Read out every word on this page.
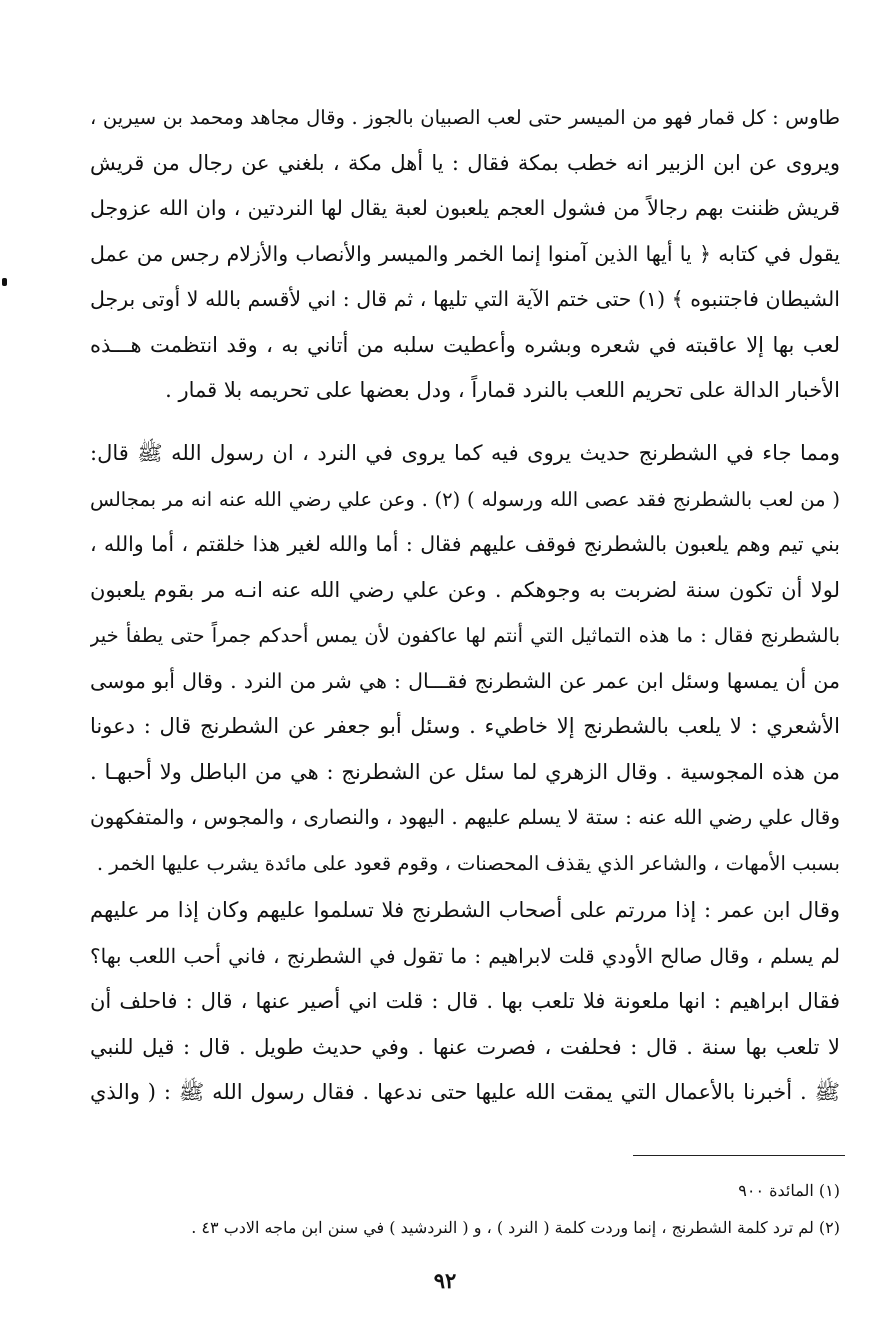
طاوس : كل قمار فهو من الميسر حتى لعب الصبيان بالجوز . وقال مجاهد ومحمد بن سيرين ،
ويروى عن ابن الزبير انه خطب بمكة فقال : يا أهل مكة ، بلغني عن رجال من قريش
قريش ظننت بهم رجالاً من فشول العجم يلعبون لعبة يقال لها النردتين ، وان الله عزوجل
يقول في كتابه ﴿ يا أيها الذين آمنوا إنما الخمر والميسر والأنصاب والأزلام رجس من عمل
الشيطان فاجتنبوه ﴾ (١) حتى ختم الآية التي تليها ، ثم قال : اني لأقسم بالله لا أوتى برجل
لعب بها إلا عاقبته في شعره وبشره وأعطيت سلبه من أتاني به ، وقد انتظمت هـــذه
الأخبار الدالة على تحريم اللعب بالنرد قماراً ، ودل بعضها على تحريمه بلا قمار .
ومما جاء في الشطرنج حديث يروى فيه كما يروى في النرد ، ان رسول الله ﷺ قال:
( من لعب بالشطرنج فقد عصى الله ورسوله ) (٢) . وعن علي رضي الله عنه انه مر بمجالس
بني تيم وهم يلعبون بالشطرنج فوقف عليهم فقال : أما والله لغير هذا خلقتم ، أما والله ،
لولا أن تكون سنة لضربت به وجوهكم . وعن علي رضي الله عنه انـه مر بقوم يلعبون
بالشطرنج فقال : ما هذه التماثيل التي أنتم لها عاكفون لأن يمس أحدكم جمراً حتى يطفأ خير
من أن يمسها وسئل ابن عمر عن الشطرنج فقـــال : هي شر من النرد . وقال أبو موسى
الأشعري : لا يلعب بالشطرنج إلا خاطيء . وسئل أبو جعفر عن الشطرنج قال : دعونا
من هذه المجوسية . وقال الزهري لما سئل عن الشطرنج : هي من الباطل ولا أحبهـا .
وقال علي رضي الله عنه : ستة لا يسلم عليهم . اليهود ، والنصارى ، والمجوس ، والمتفكهون
بسبب الأمهات ، والشاعر الذي يقذف المحصنات ، وقوم قعود على مائدة يشرب عليها الخمر .
وقال ابن عمر : إذا مررتم على أصحاب الشطرنج فلا تسلموا عليهم وكان إذا مر عليهم
لم يسلم ، وقال صالح الأودي قلت لابراهيم : ما تقول في الشطرنج ، فاني أحب اللعب بها؟
فقال ابراهيم : انها ملعونة فلا تلعب بها . قال : قلت اني أصير عنها ، قال : فاحلف أن
لا تلعب بها سنة . قال : فحلفت ، فصرت عنها . وفي حديث طويل . قال : قيل للنبي
ﷺ . أخبرنا بالأعمال التي يمقت الله عليها حتى ندعها . فقال رسول الله ﷺ : ( والذي
(١) المائدة ٩٠٠
(٢) لم ترد كلمة الشطرنج ، إنما وردت كلمة ( النرد ) ، و ( النردشيد ) في سنن ابن ماجه الادب ٤٣ .
٩٢
